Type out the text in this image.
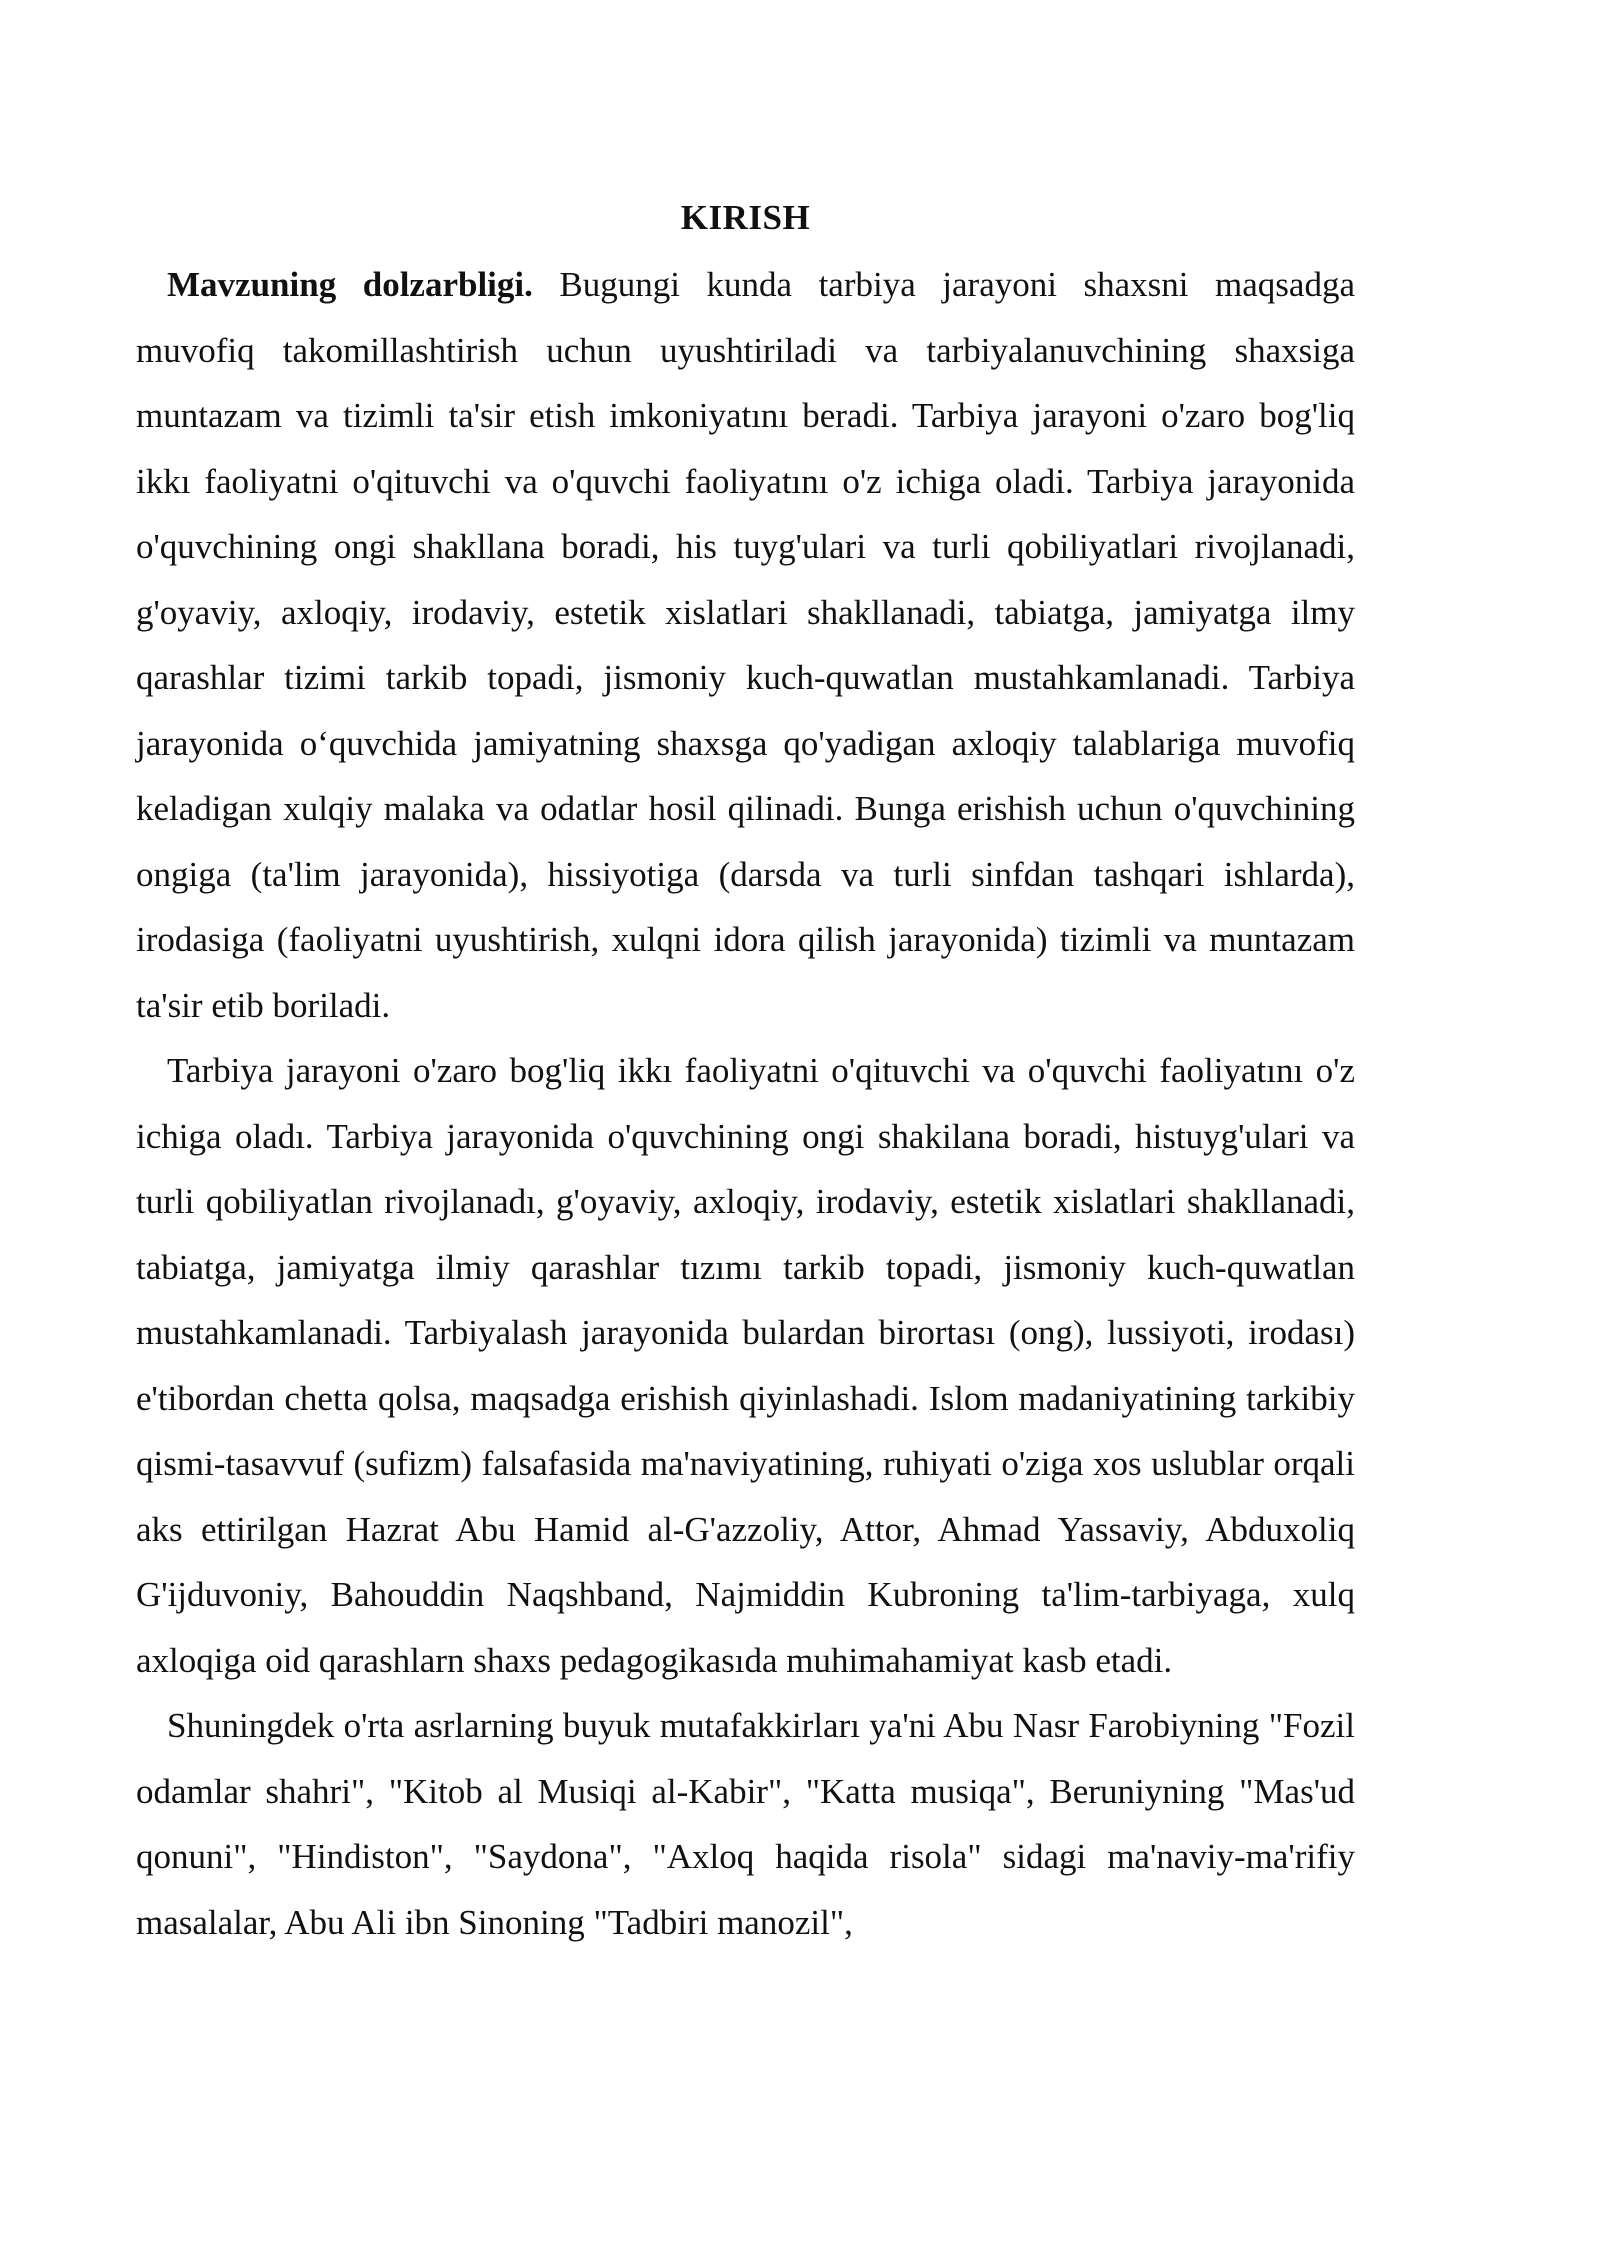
KIRISH

Mavzuning dolzarbligi. Bugungi kunda tarbiya jarayoni shaxsni maqsadga muvofiq takomillashtirish uchun uyushtiriladi va tarbiyalanuvchining shaxsiga muntazam va tizimli ta'sir etish imkoniyatını beradi. Tarbiya jarayoni o'zaro bog'liq ikkı faoliyatni o'qituvchi va o'quvchi faoliyatını o'z ichiga oladi. Tarbiya jarayonida o'quvchining ongi shakllana boradi, his tuyg'ulari va turli qobiliyatlari rivojlanadi, g'oyaviy, axloqiy, irodaviy, estetik xislatlari shakllanadi, tabiatga, jamiyatga ilmy qarashlar tizimi tarkib topadi, jismoniy kuch-quwatlan mustahkamlanadi. Tarbiya jarayonida o‘quvchida jamiyatning shaxsga qo'yadigan axloqiy talablariga muvofiq keladigan xulqiy malaka va odatlar hosil qilinadi. Bunga erishish uchun o'quvchining ongiga (ta'lim jarayonida), hissiyotiga (darsda va turli sinfdan tashqari ishlarda), irodasiga (faoliyatni uyushtirish, xulqni idora qilish jarayonida) tizimli va muntazam ta'sir etib boriladi.

Tarbiya jarayoni o'zaro bog'liq ikkı faoliyatni o'qituvchi va o'quvchi faoliyatını o'z ichiga oladı. Tarbiya jarayonida o'quvchining ongi shakilana boradi, histuyg'ulari va turli qobiliyatlan rivojlanadı, g'oyaviy, axloqiy, irodaviy, estetik xislatlari shakllanadi, tabiatga, jamiyatga ilmiy qarashlar tızımı tarkib topadi, jismoniy kuch-quwatlan mustahkamlanadi. Tarbiyalash jarayonida bulardan birortası (ong), lussiyoti, irodası) e'tibordan chetta qolsa, maqsadga erishish qiyinlashadi. Islom madaniyatining tarkibiy qismi-tasavvuf (sufizm) falsafasida ma'naviyatining, ruhiyati o'ziga xos uslublar orqali aks ettirilgan Hazrat Abu Hamid al-G'azzoliy, Attor, Ahmad Yassaviy, Abduxoliq G'ijduvoniy, Bahouddin Naqshband, Najmiddin Kubroning ta'lim-tarbiyaga, xulq axloqiga oid qarashlarn shaxs pedagogikasıda muhimahamiyat kasb etadi.

Shuningdek o'rta asrlarning buyuk mutafakkirları ya'ni Abu Nasr Farobiyning "Fozil odamlar shahri", "Kitob al Musiqi al-Kabir", "Katta musiqa", Beruniyning "Mas'ud qonuni", "Hindiston", "Saydona", "Axloq haqida risola" sidagi ma'naviy-ma'rifiy masalalar, Abu Ali ibn Sinoning "Tadbiri manozil",
